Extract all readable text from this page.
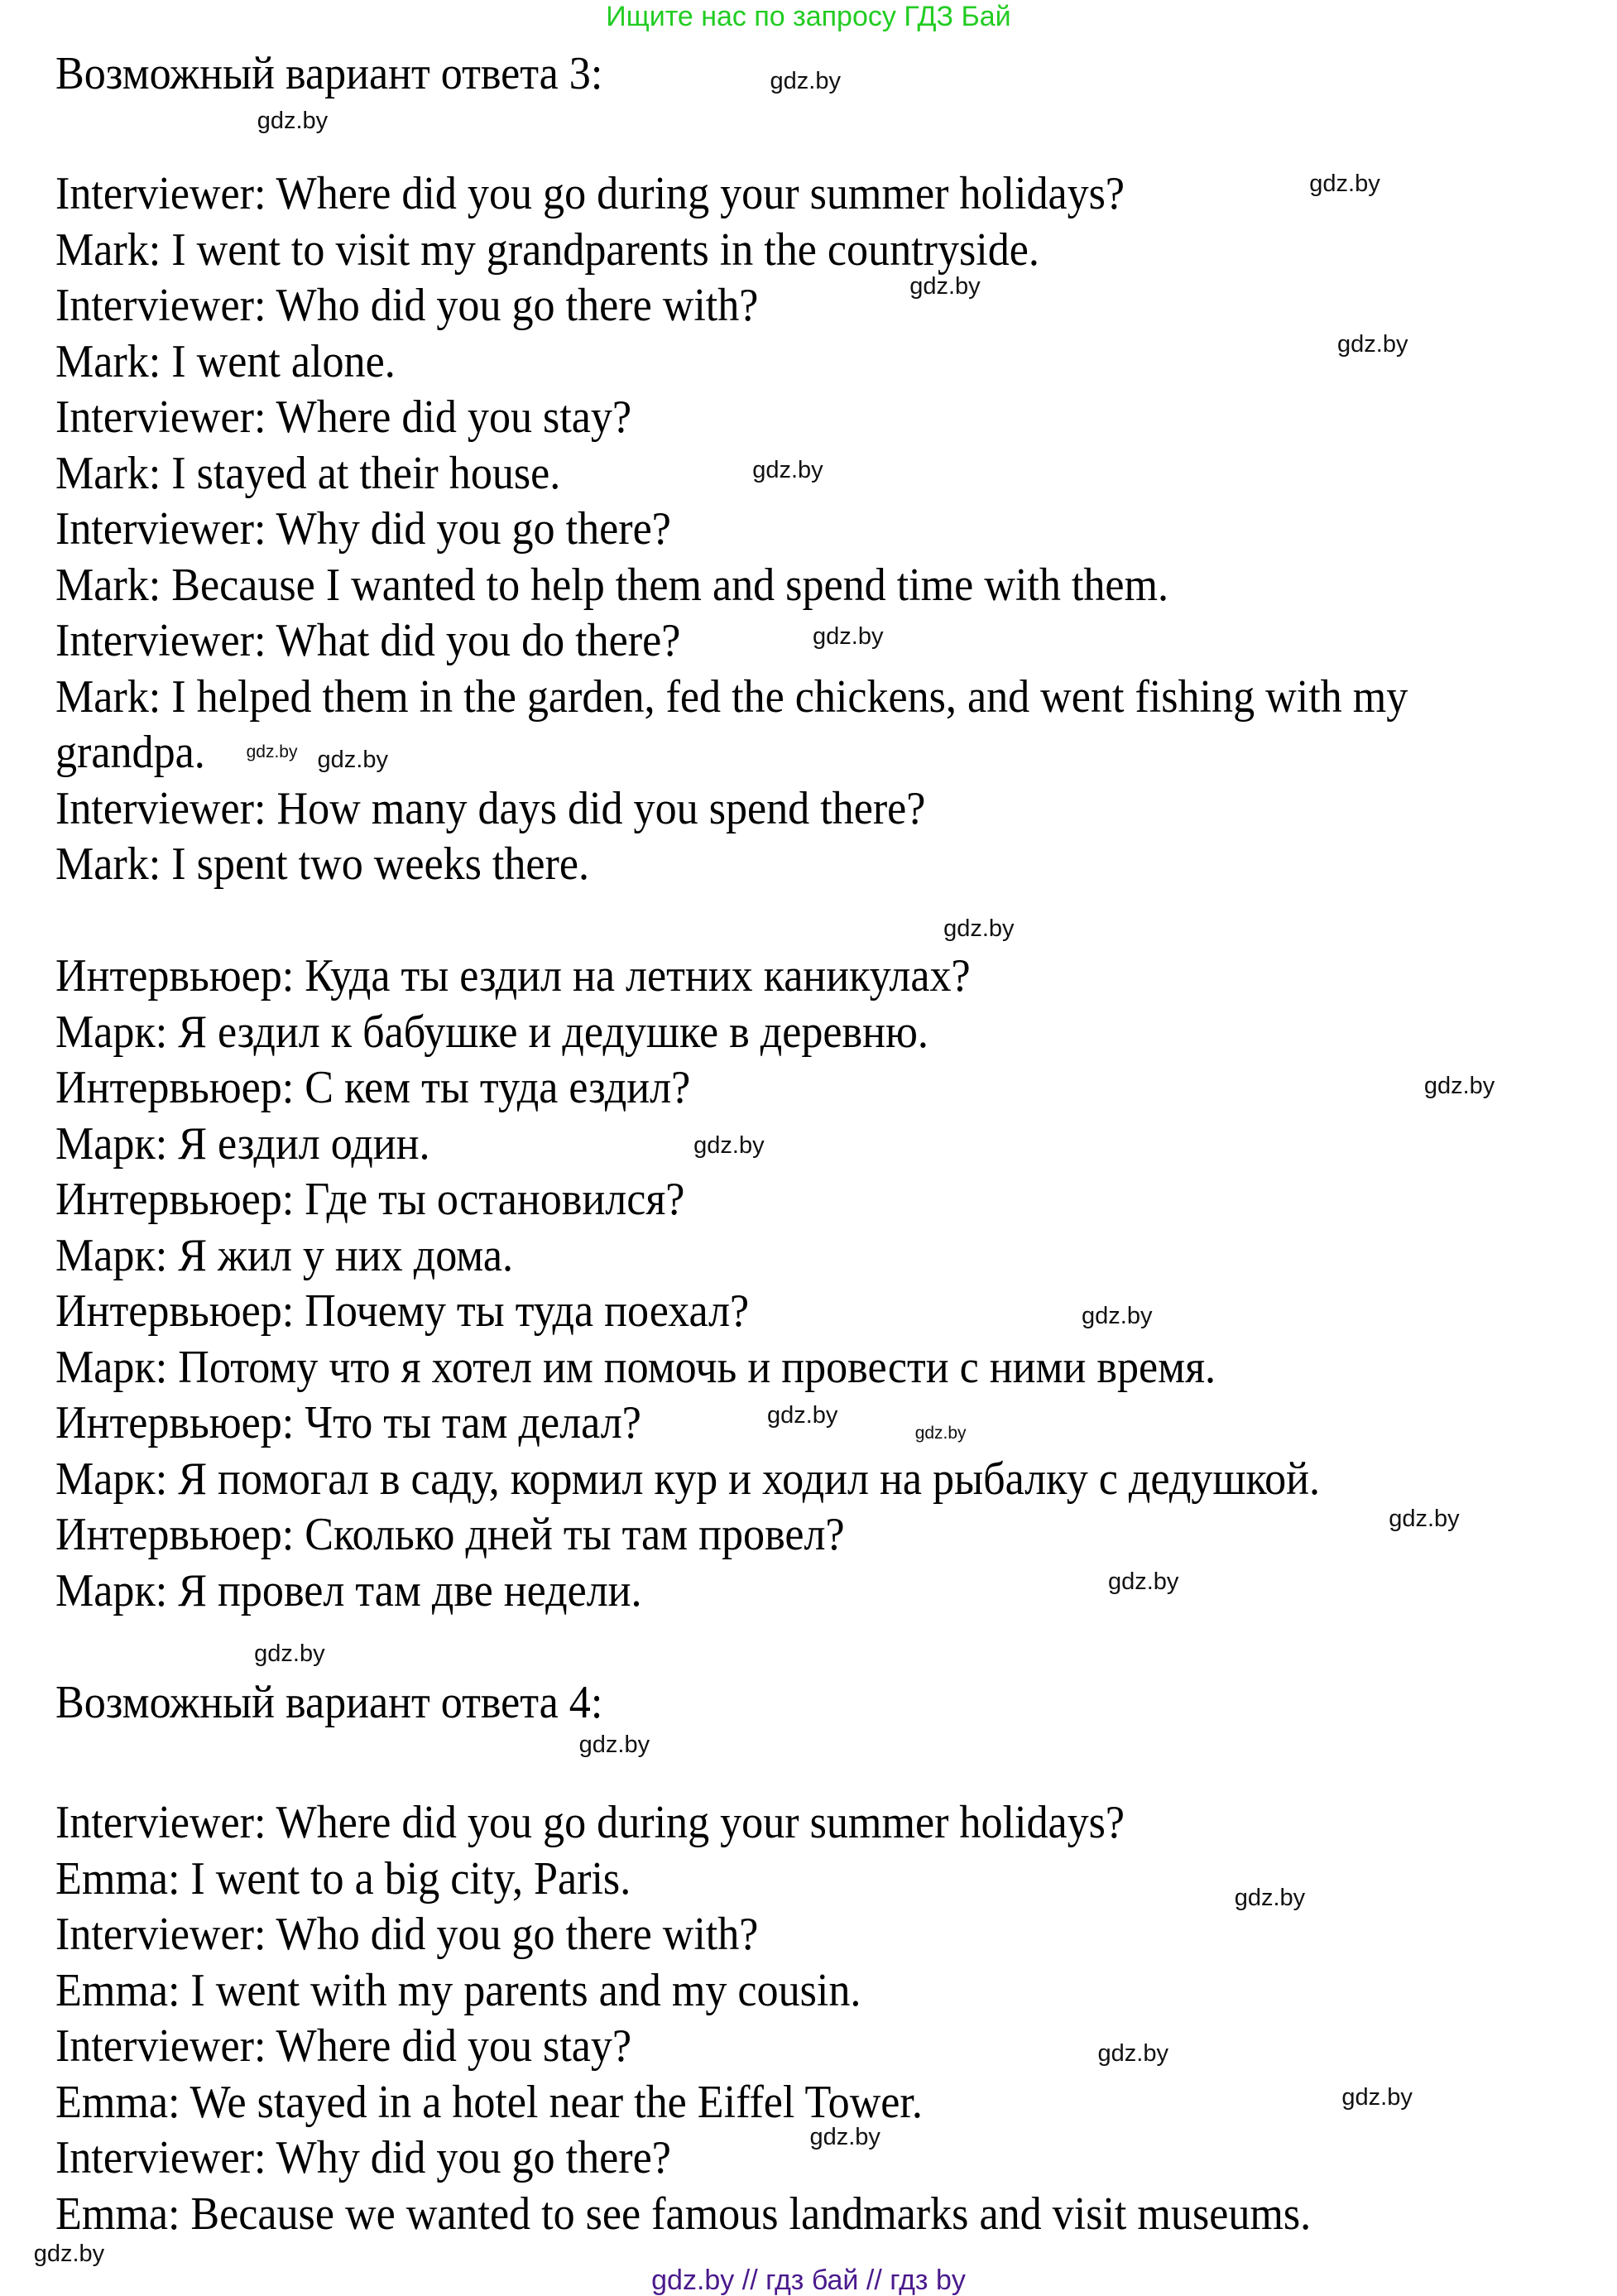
Ищите нас по запросу ГДЗ Бай
Возможный вариант ответа 3:
Interviewer: Where did you go during your summer holidays?
Mark: I went to visit my grandparents in the countryside.
Interviewer: Who did you go there with?
Mark: I went alone.
Interviewer: Where did you stay?
Mark: I stayed at their house.
Interviewer: Why did you go there?
Mark: Because I wanted to help them and spend time with them.
Interviewer: What did you do there?
Mark: I helped them in the garden, fed the chickens, and went fishing with my
grandpa.
Interviewer: How many days did you spend there?
Mark: I spent two weeks there.
Интервьюер: Куда ты ездил на летних каникулах?
Марк: Я ездил к бабушке и дедушке в деревню.
Интервьюер: С кем ты туда ездил?
Марк: Я ездил один.
Интервьюер: Где ты остановился?
Марк: Я жил у них дома.
Интервьюер: Почему ты туда поехал?
Марк: Потому что я хотел им помочь и провести с ними время.
Интервьюер: Что ты там делал?
Марк: Я помогал в саду, кормил кур и ходил на рыбалку с дедушкой.
Интервьюер: Сколько дней ты там провел?
Марк: Я провел там две недели.
Возможный вариант ответа 4:
Interviewer: Where did you go during your summer holidays?
Emma: I went to a big city, Paris.
Interviewer: Who did you go there with?
Emma: I went with my parents and my cousin.
Interviewer: Where did you stay?
Emma: We stayed in a hotel near the Eiffel Tower.
Interviewer: Why did you go there?
Emma: Because we wanted to see famous landmarks and visit museums.
gdz.by
gdz.by
gdz.by
gdz.by
gdz.by
gdz.by
gdz.by
gdz.by gdz.by
gdz.by
gdz.by
gdz.by
gdz.by
gdz.by
gdz.by
gdz.by
gdz.by
gdz.by
gdz.by
gdz.by
gdz.by
gdz.by
gdz.by
gdz.by
gdz.by // гдз бай // гдз by
